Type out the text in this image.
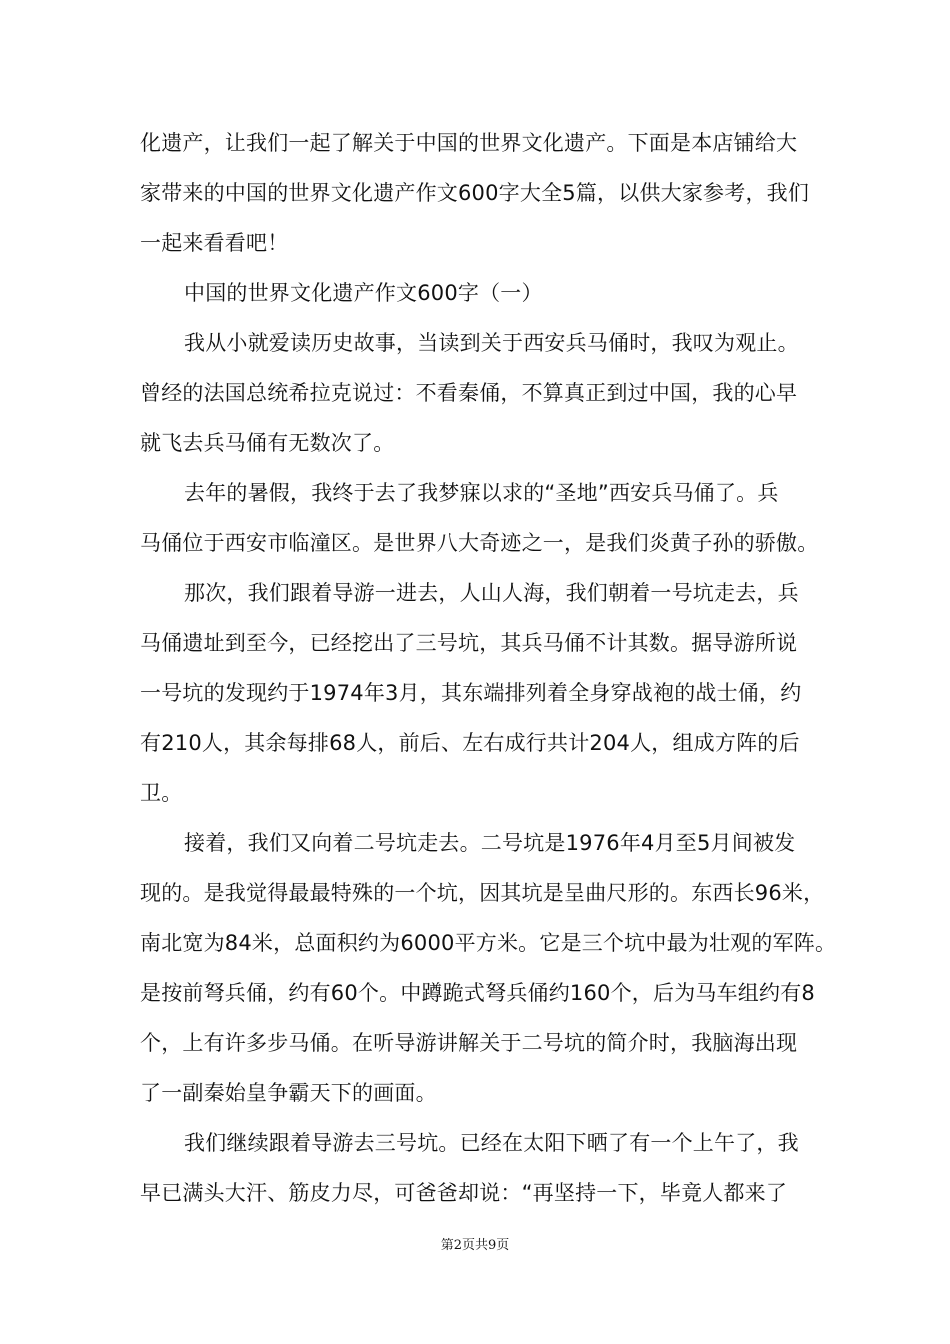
化遗产，让我们一起了解关于中国的世界文化遗产。下面是本店铺给大
家带来的中国的世界文化遗产作文600字大全5篇，以供大家参考，我们
一起来看看吧！
中国的世界文化遗产作文600字（一）
我从小就爱读历史故事，当读到关于西安兵马俑时，我叹为观止。
曾经的法国总统希拉克说过：不看秦俑，不算真正到过中国，我的心早
就飞去兵马俑有无数次了。
去年的暑假，我终于去了我梦寐以求的“圣地”西安兵马俑了。兵
马俑位于西安市临潼区。是世界八大奇迹之一，是我们炎黄子孙的骄傲。
那次，我们跟着导游一进去，人山人海，我们朝着一号坑走去，兵
马俑遗址到至今，已经挖出了三号坑，其兵马俑不计其数。据导游所说
一号坑的发现约于1974年3月，其东端排列着全身穿战袍的战士俑，约
有210人，其余每排68人，前后、左右成行共计204人，组成方阵的后
卫。
接着，我们又向着二号坑走去。二号坑是1976年4月至5月间被发
现的。是我觉得最最特殊的一个坑，因其坑是呈曲尺形的。东西长96米，
南北宽为84米，总面积约为6000平方米。它是三个坑中最为壮观的军阵。
是按前弩兵俑，约有60个。中蹲跪式弩兵俑约160个，后为马车组约有8
个，上有许多步马俑。在听导游讲解关于二号坑的简介时，我脑海出现
了一副秦始皇争霸天下的画面。
我们继续跟着导游去三号坑。已经在太阳下晒了有一个上午了，我
早已满头大汗、筋皮力尽，可爸爸却说：“再坚持一下，毕竟人都来了
第2页共9页
